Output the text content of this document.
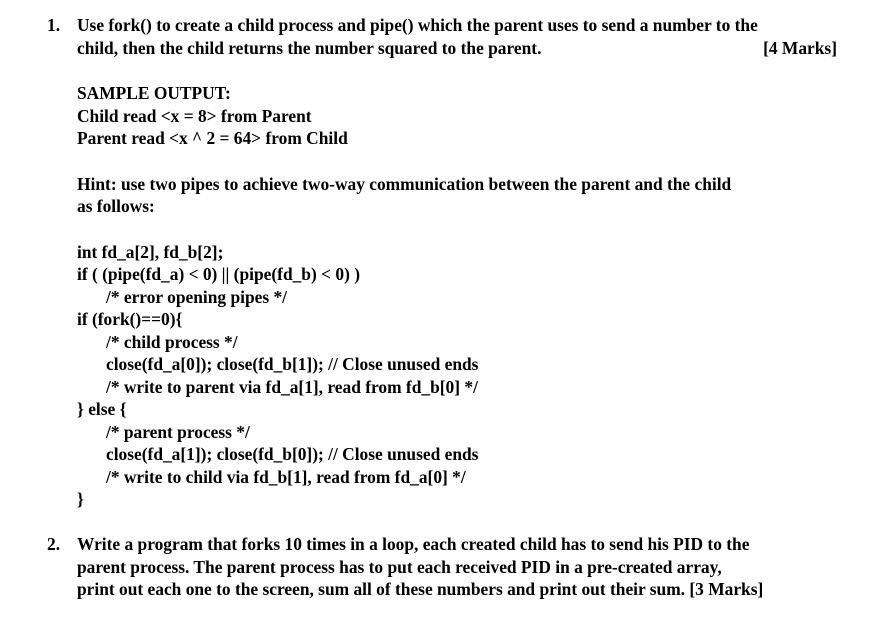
1. Use fork() to create a child process and pipe() which the parent uses to send a number to the
child, then the child returns the number squared to the parent.	[4 Marks]
SAMPLE OUTPUT:
Child read <x = 8> from Parent
Parent read <x ^ 2 = 64> from Child
Hint: use two pipes to achieve two-way communication between the parent and the child
as follows:
int fd_a[2], fd_b[2];
if ( (pipe(fd_a) < 0) || (pipe(fd_b) < 0) )
/* error opening pipes */
if (fork()==0){
/* child process */
close(fd_a[0]); close(fd_b[1]); // Close unused ends
/* write to parent via fd_a[1], read from fd_b[0] */
} else {
/* parent process */
close(fd_a[1]); close(fd_b[0]); // Close unused ends
/* write to child via fd_b[1], read from fd_a[0] */
}
2. Write a program that forks 10 times in a loop, each created child has to send his PID to the
parent process. The parent process has to put each received PID in a pre-created array,
print out each one to the screen, sum all of these numbers and print out their sum. [3 Marks]
